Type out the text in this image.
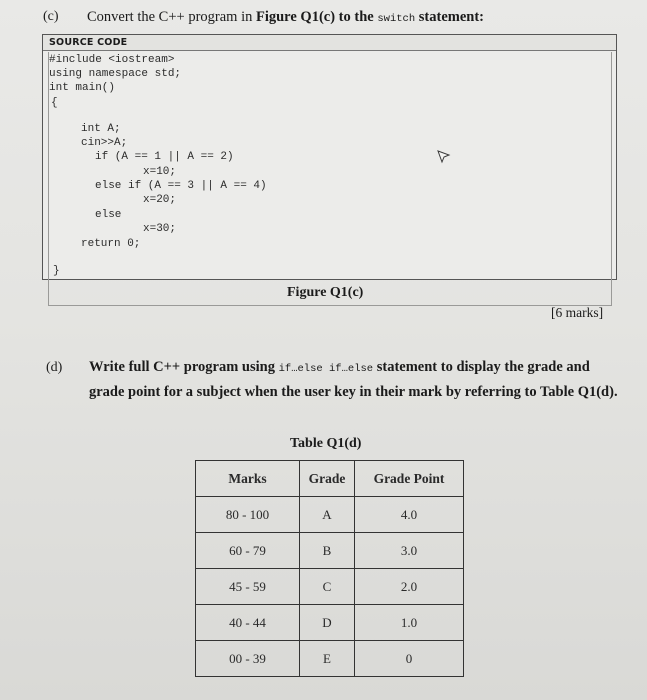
(c) Convert the C++ program in Figure Q1(c) to the switch statement:
SOURCE CODE
#include <iostream>
using namespace std;
int main()
{
int A;
cin>>A;
if (A == 1 || A == 2)
x=10;
else if (A == 3 || A == 4)
x=20;
else
x=30;
return 0;
}
Figure Q1(c)
[6 marks]
(d) Write full C++ program using if…else if…else statement to display the grade and
grade point for a subject when the user key in their mark by referring to Table Q1(d).
Table Q1(d)
Marks	Grade	Grade Point
80 - 100	A	4.0
60 - 79	B	3.0
45 - 59	C	2.0
40 - 44	D	1.0
00 - 39	E	0
